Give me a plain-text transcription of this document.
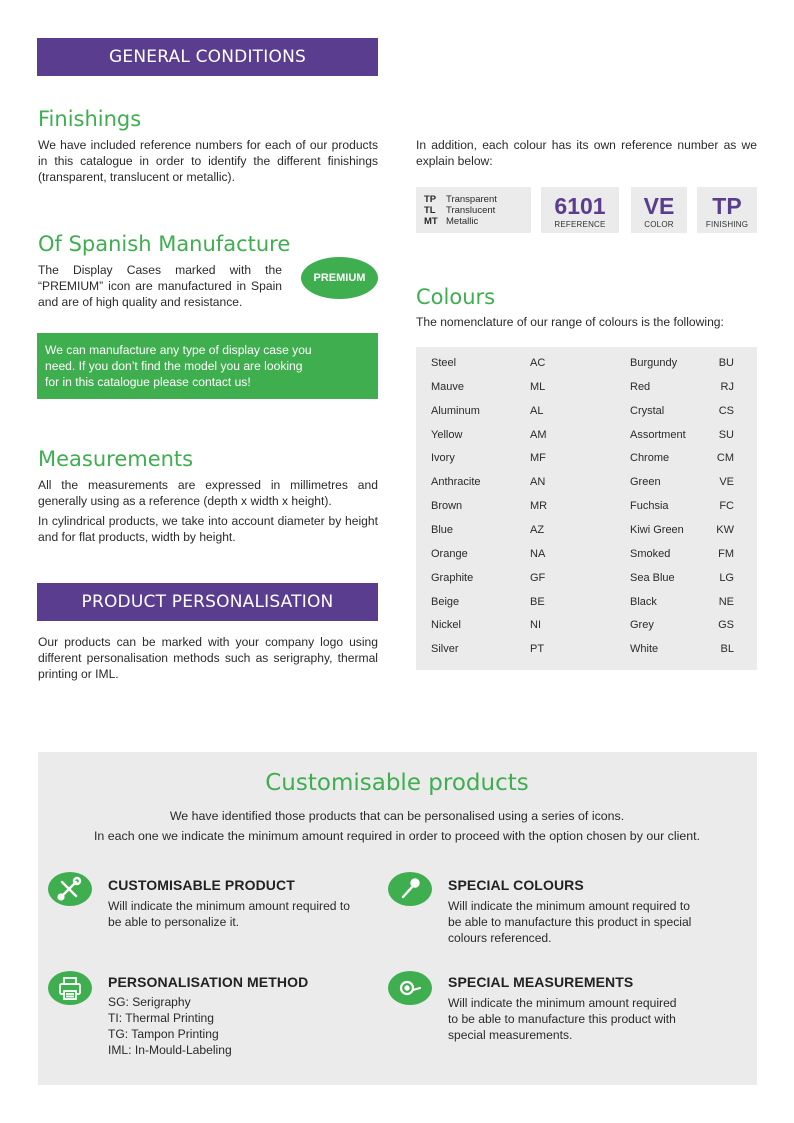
GENERAL CONDITIONS
Finishings
We have included reference numbers for each of our products in this catalogue in order to identify the different finishings (transparent, translucent or metallic).
In addition, each colour has its own reference number as we explain below:
TP Transparent
TL Translucent
MT Metallic
6101
REFERENCE
VE
COLOR
TP
FINISHING
Of Spanish Manufacture
The Display Cases marked with the “PREMIUM” icon are manufactured in Spain and are of high quality and resistance.
PREMIUM
We can manufacture any type of display case you need. If you don’t find the model you are looking for in this catalogue please contact us!
Colours
The nomenclature of our range of colours is the following:
Steel	AC	Burgundy	BU
Mauve	ML	Red	RJ
Aluminum	AL	Crystal	CS
Yellow	AM	Assortment	SU
Ivory	MF	Chrome	CM
Anthracite	AN	Green	VE
Brown	MR	Fuchsia	FC
Blue	AZ	Kiwi Green	KW
Orange	NA	Smoked	FM
Graphite	GF	Sea Blue	LG
Beige	BE	Black	NE
Nickel	NI	Grey	GS
Silver	PT	White	BL
Measurements
All the measurements are expressed in millimetres and generally using as a reference (depth x width x height).
In cylindrical products, we take into account diameter by height and for flat products, width by height.
PRODUCT PERSONALISATION
Our products can be marked with your company logo using different personalisation methods such as serigraphy, thermal printing or IML.
Customisable products
We have identified those products that can be personalised using a series of icons.
In each one we indicate the minimum amount required in order to proceed with the option chosen by our client.
CUSTOMISABLE PRODUCT
Will indicate the minimum amount required to
be able to personalize it.
SPECIAL COLOURS
Will indicate the minimum amount required to
be able to manufacture this product in special
colours referenced.
PERSONALISATION METHOD
SG: Serigraphy
TI: Thermal Printing
TG: Tampon Printing
IML: In-Mould-Labeling
SPECIAL MEASUREMENTS
Will indicate the minimum amount required
to be able to manufacture this product with
special measurements.
